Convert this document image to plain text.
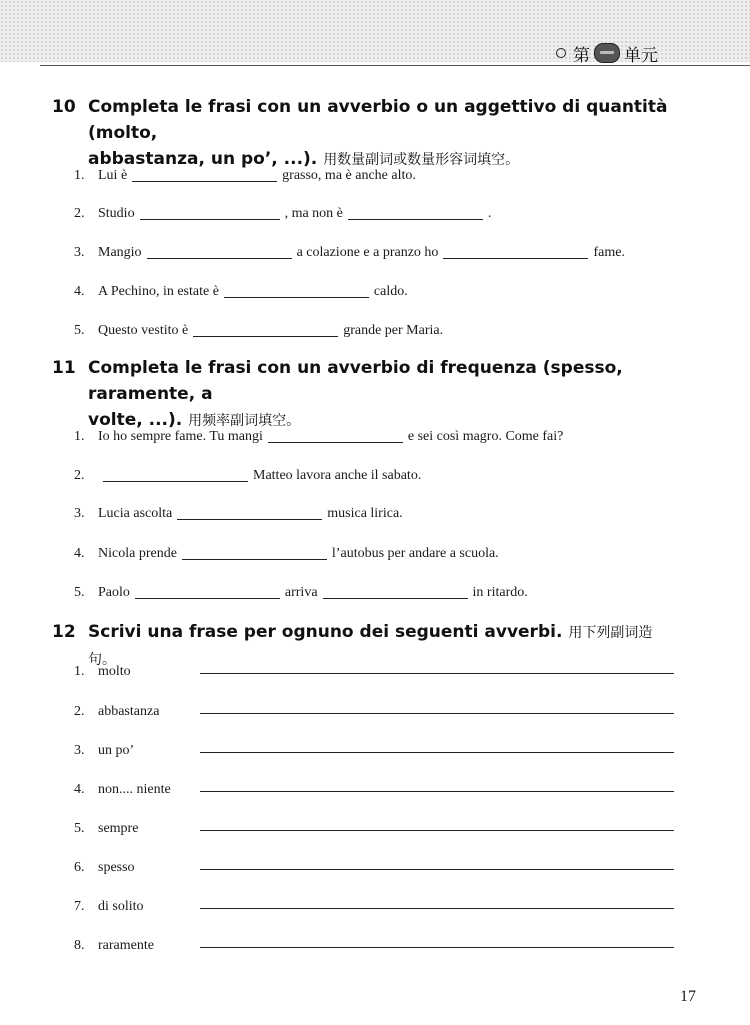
第 单元
10 Completa le frasi con un avverbio o un aggettivo di quantità (molto,
abbastanza, un po’, ...). 用数量副词或数量形容词填空。
1. Lui è	grasso, ma è anche alto.
2. Studio	, ma non è	.
3. Mangio	a colazione e a pranzo ho	fame.
4. A Pechino, in estate è	caldo.
5. Questo vestito è	grande per Maria.
11 Completa le frasi con un avverbio di frequenza (spesso, raramente, a
volte, ...). 用频率副词填空。
1. Io ho sempre fame. Tu mangi	e sei così magro. Come fai?
2.	Matteo lavora anche il sabato.
3. Lucia ascolta	musica lirica.
4. Nicola prende	l’autobus per andare a scuola.
5. Paolo	arriva	in ritardo.
12 Scrivi una frase per ognuno dei seguenti avverbi. 用下列副词造句。
1. molto
2. abbastanza
3. un po’
4. non.... niente
5. sempre
6. spesso
7. di solito
8. raramente
17
